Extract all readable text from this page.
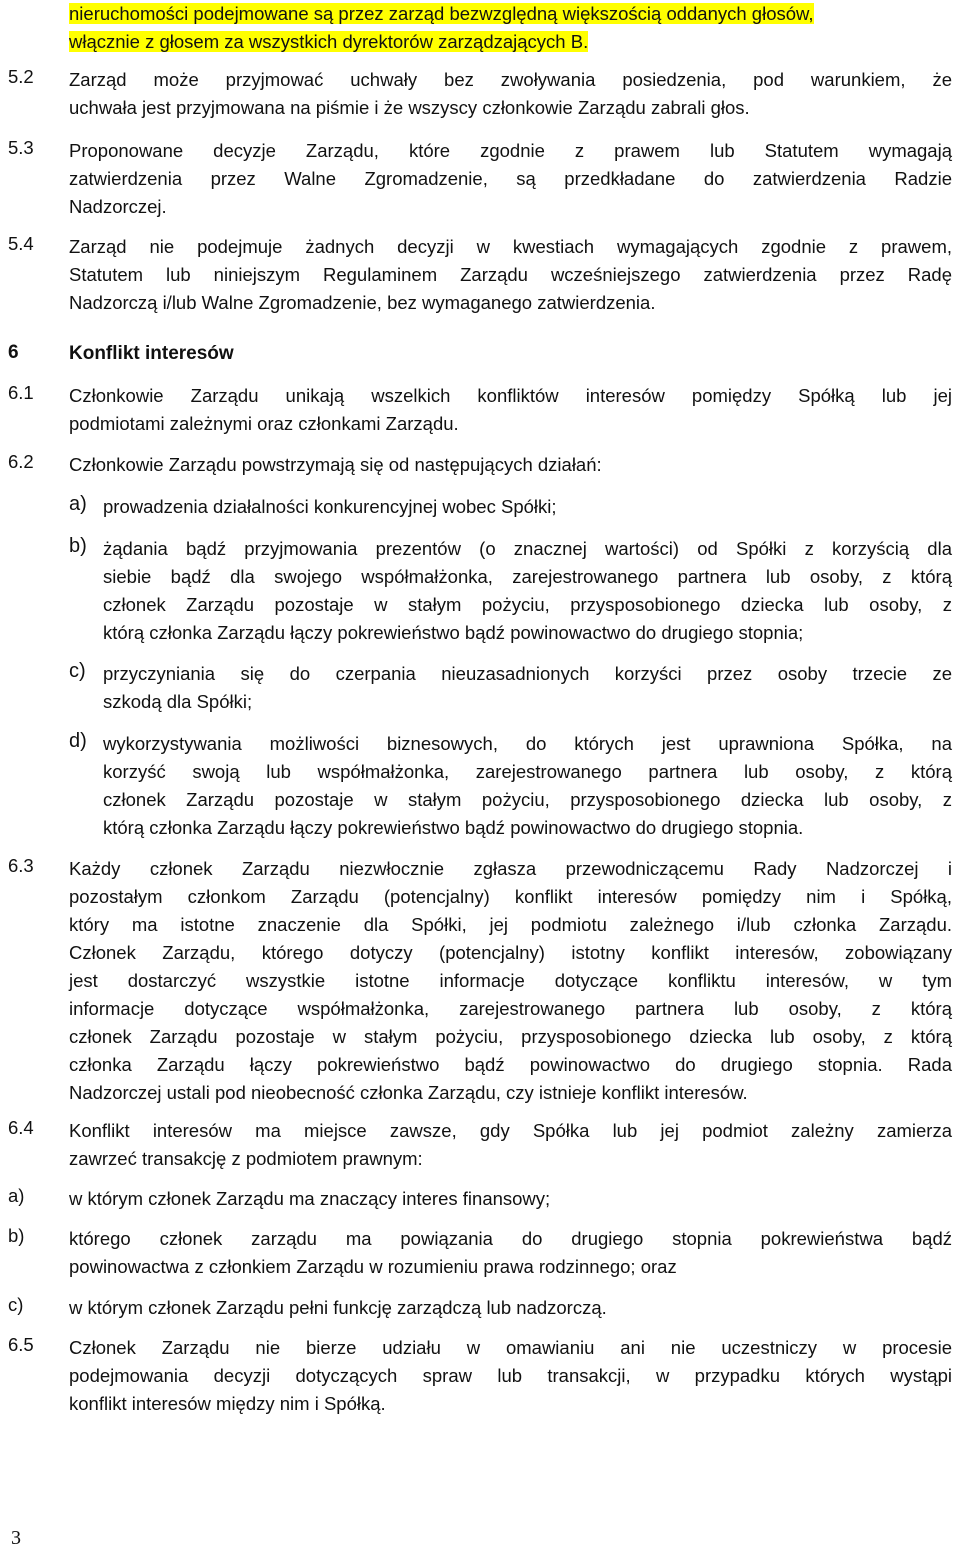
nieruchomości podejmowane są przez zarząd bezwzględną większością oddanych głosów,
włącznie z głosem za wszystkich dyrektorów zarządzających B.
5.2 Zarząd może przyjmować uchwały bez zwoływania posiedzenia, pod warunkiem, że
uchwała jest przyjmowana na piśmie i że wszyscy członkowie Zarządu zabrali głos.
5.3 Proponowane decyzje Zarządu, które zgodnie z prawem lub Statutem wymagają
zatwierdzenia przez Walne Zgromadzenie, są przedkładane do zatwierdzenia Radzie
Nadzorczej.
5.4 Zarząd nie podejmuje żadnych decyzji w kwestiach wymagających zgodnie z prawem,
Statutem lub niniejszym Regulaminem Zarządu wcześniejszego zatwierdzenia przez Radę
Nadzorczą i/lub Walne Zgromadzenie, bez wymaganego zatwierdzenia.
6	Konflikt interesów
6.1 Członkowie Zarządu unikają wszelkich konfliktów interesów pomiędzy Spółką lub jej
podmiotami zależnymi oraz członkami Zarządu.
6.2 Członkowie Zarządu powstrzymają się od następujących działań:
a) prowadzenia działalności konkurencyjnej wobec Spółki;
b) żądania bądź przyjmowania prezentów (o znacznej wartości) od Spółki z korzyścią dla
siebie bądź dla swojego współmałżonka, zarejestrowanego partnera lub osoby, z którą
członek Zarządu pozostaje w stałym pożyciu, przysposobionego dziecka lub osoby, z
którą członka Zarządu łączy pokrewieństwo bądź powinowactwo do drugiego stopnia;
c) przyczyniania się do czerpania nieuzasadnionych korzyści przez osoby trzecie ze
szkodą dla Spółki;
d) wykorzystywania możliwości biznesowych, do których jest uprawniona Spółka, na
korzyść swoją lub współmałżonka, zarejestrowanego partnera lub osoby, z którą
członek Zarządu pozostaje w stałym pożyciu, przysposobionego dziecka lub osoby, z
którą członka Zarządu łączy pokrewieństwo bądź powinowactwo do drugiego stopnia.
6.3 Każdy członek Zarządu niezwłocznie zgłasza przewodniczącemu Rady Nadzorczej i
pozostałym członkom Zarządu (potencjalny) konflikt interesów pomiędzy nim i Spółką,
który ma istotne znaczenie dla Spółki, jej podmiotu zależnego i/lub członka Zarządu.
Członek Zarządu, którego dotyczy (potencjalny) istotny konflikt interesów, zobowiązany
jest dostarczyć wszystkie istotne informacje dotyczące konfliktu interesów, w tym
informacje dotyczące współmałżonka, zarejestrowanego partnera lub osoby, z którą
członek Zarządu pozostaje w stałym pożyciu, przysposobionego dziecka lub osoby, z którą
członka Zarządu łączy pokrewieństwo bądź powinowactwo do drugiego stopnia. Rada
Nadzorczej ustali pod nieobecność członka Zarządu, czy istnieje konflikt interesów.
6.4 Konflikt interesów ma miejsce zawsze, gdy Spółka lub jej podmiot zależny zamierza
zawrzeć transakcję z podmiotem prawnym:
a) w którym członek Zarządu ma znaczący interes finansowy;
b) którego członek zarządu ma powiązania do drugiego stopnia pokrewieństwa bądź
powinowactwa z członkiem Zarządu w rozumieniu prawa rodzinnego; oraz
c) w którym członek Zarządu pełni funkcję zarządczą lub nadzorczą.
6.5 Członek Zarządu nie bierze udziału w omawianiu ani nie uczestniczy w procesie
podejmowania decyzji dotyczących spraw lub transakcji, w przypadku których wystąpi
konflikt interesów między nim i Spółką.
3
